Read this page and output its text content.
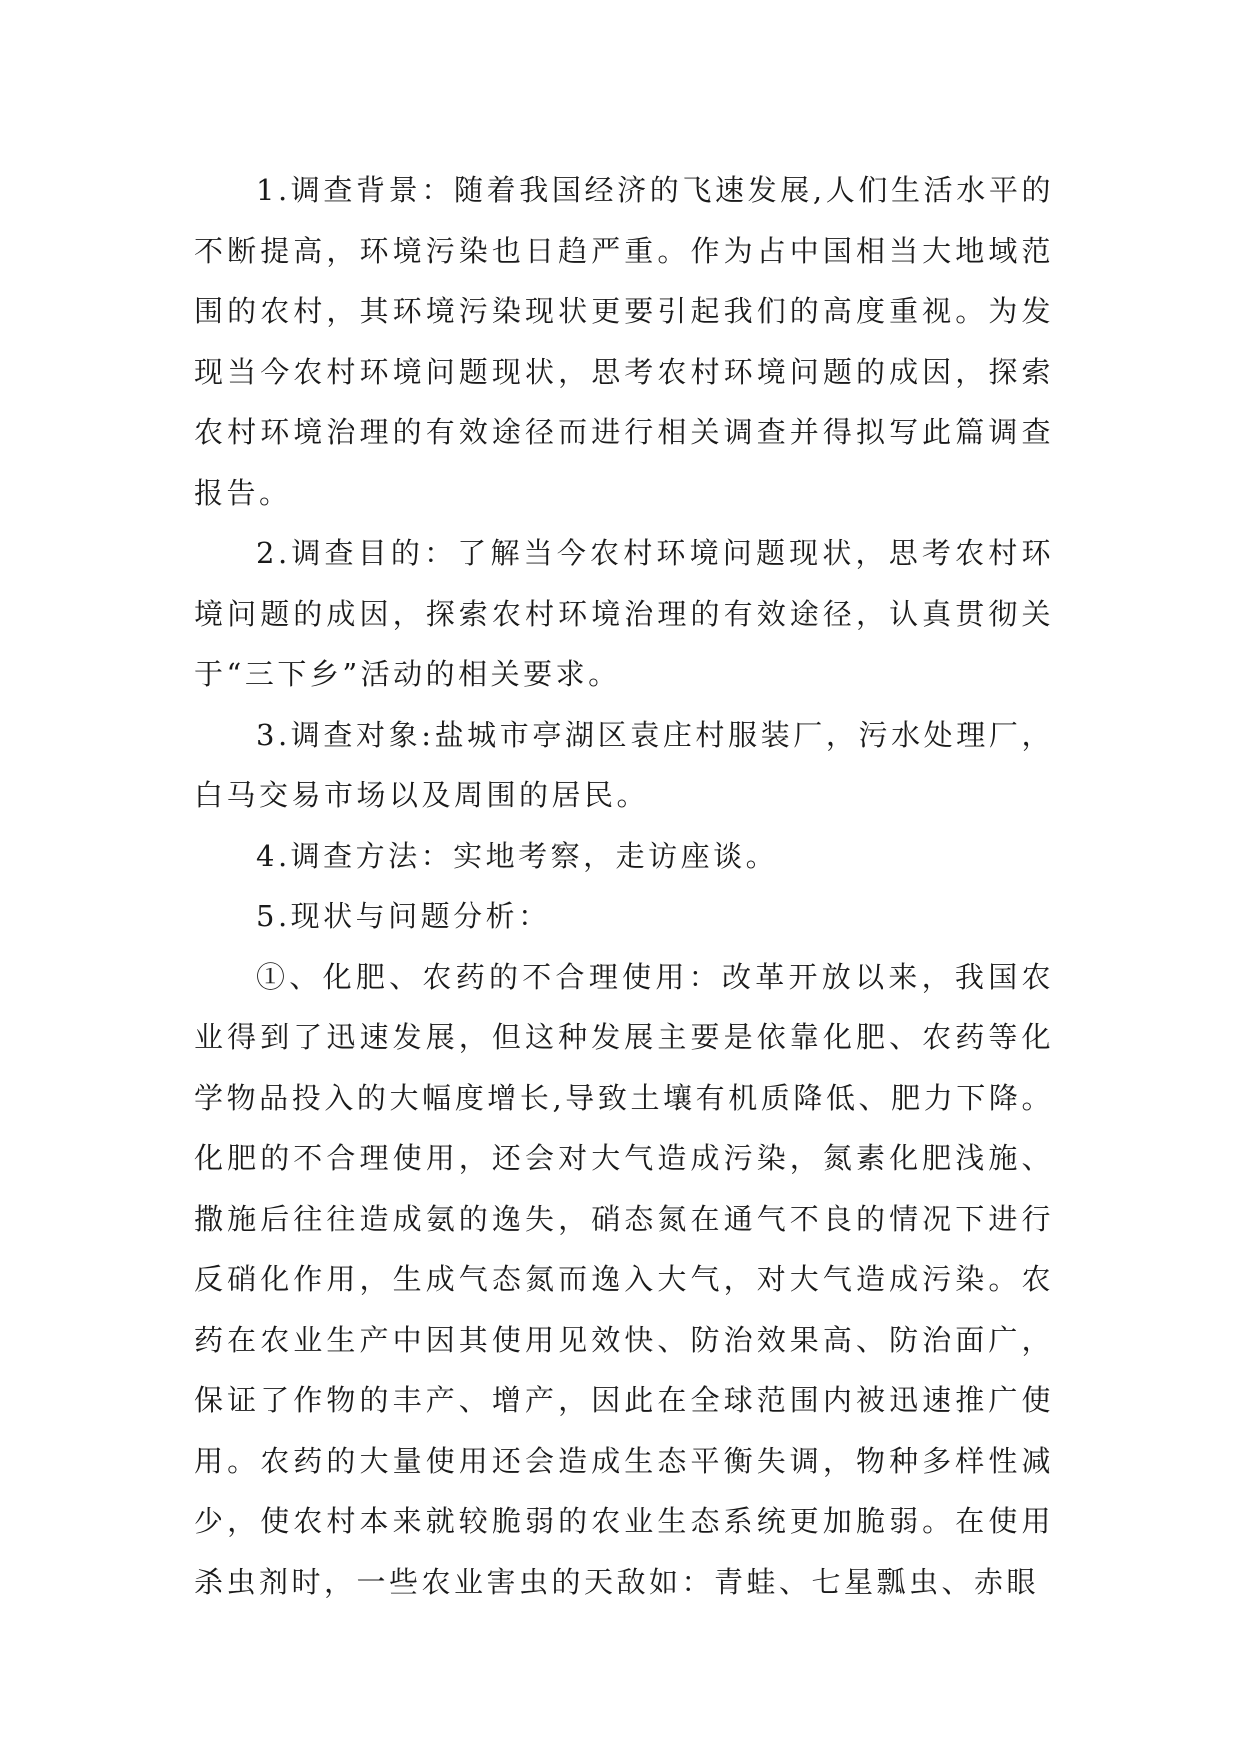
1.调查背景：随着我国经济的飞速发展,人们生活水平的不断提高，环境污染也日趋严重。作为占中国相当大地域范围的农村，其环境污染现状更要引起我们的高度重视。为发现当今农村环境问题现状，思考农村环境问题的成因，探索农村环境治理的有效途径而进行相关调查并得拟写此篇调查报告。

2.调查目的：了解当今农村环境问题现状，思考农村环境问题的成因，探索农村环境治理的有效途径，认真贯彻关于“三下乡”活动的相关要求。

3.调查对象:盐城市亭湖区袁庄村服装厂，污水处理厂，白马交易市场以及周围的居民。

4.调查方法：实地考察，走访座谈。

5.现状与问题分析：

①、化肥、农药的不合理使用：改革开放以来，我国农业得到了迅速发展，但这种发展主要是依靠化肥、农药等化学物品投入的大幅度增长,导致土壤有机质降低、肥力下降。化肥的不合理使用，还会对大气造成污染，氮素化肥浅施、撒施后往往造成氨的逸失，硝态氮在通气不良的情况下进行反硝化作用，生成气态氮而逸入大气，对大气造成污染。农药在农业生产中因其使用见效快、防治效果高、防治面广，保证了作物的丰产、增产，因此在全球范围内被迅速推广使用。农药的大量使用还会造成生态平衡失调，物种多样性减少，使农村本来就较脆弱的农业生态系统更加脆弱。在使用杀虫剂时，一些农业害虫的天敌如：青蛙、七星瓢虫、赤眼
